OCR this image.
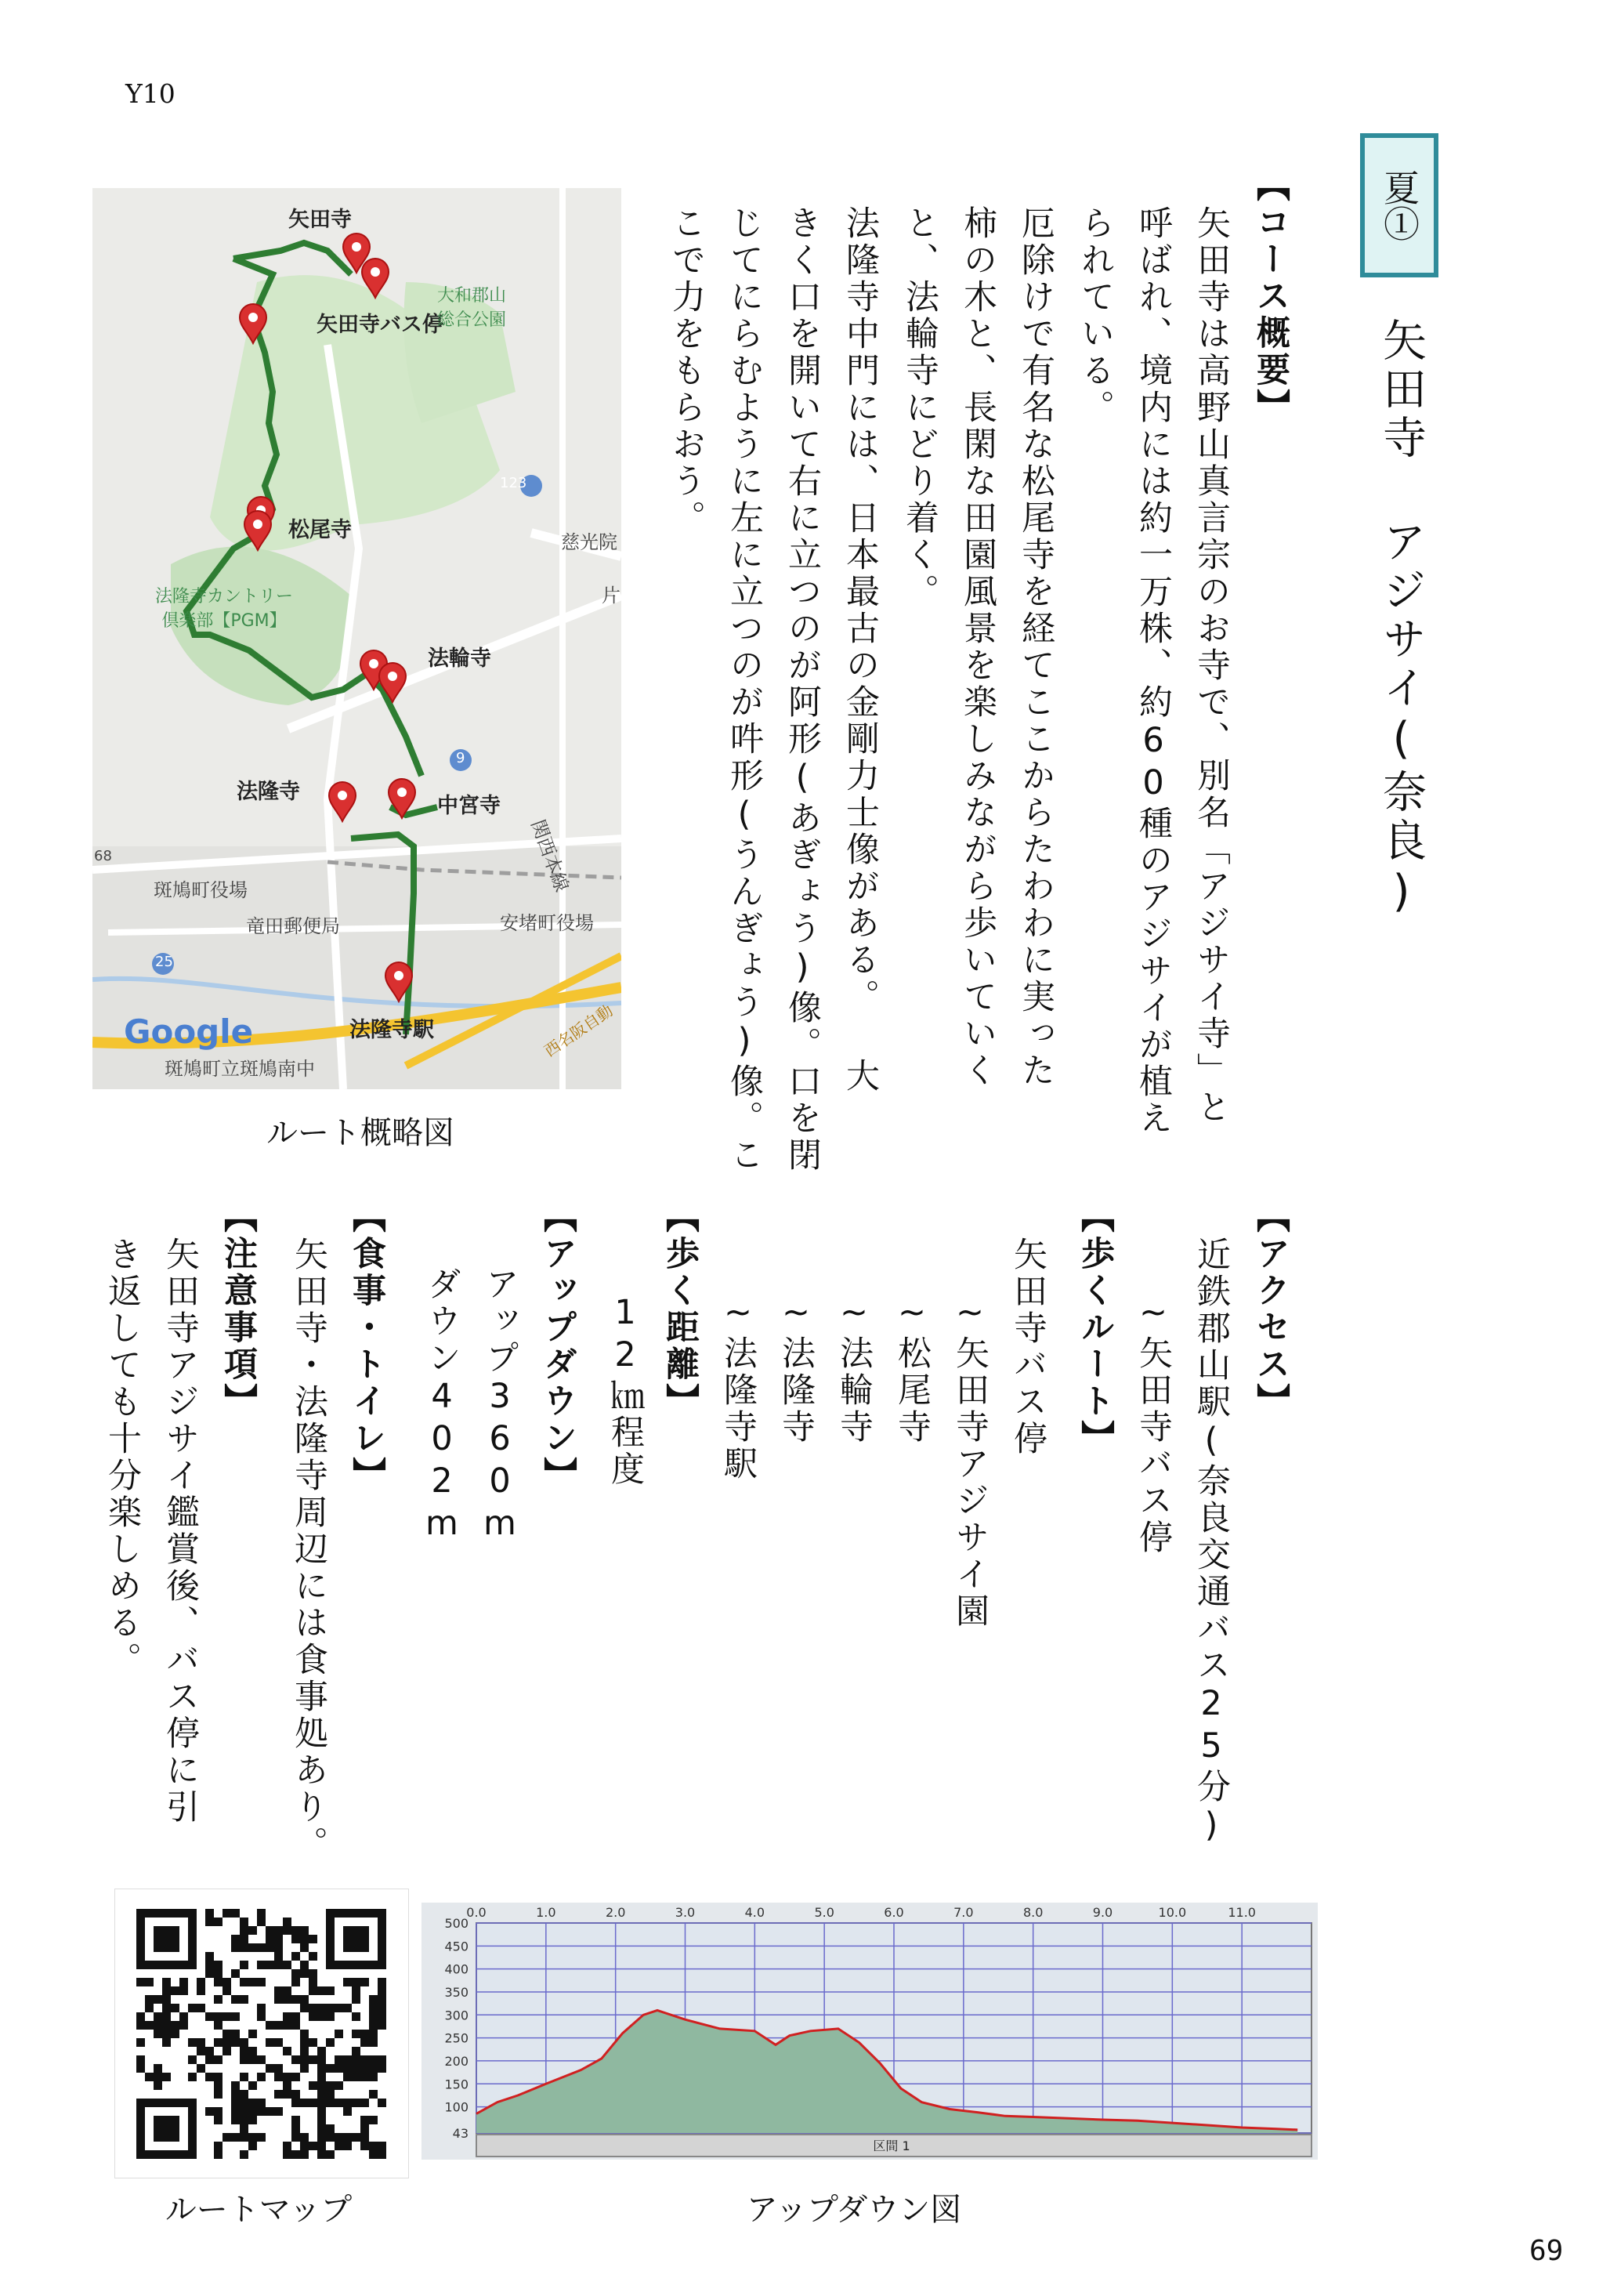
Y10
69
夏①
矢田寺 アジサイ(奈良)
【コース概要】
矢田寺は高野山真言宗のお寺で、別名「アジサイ寺」と
呼ばれ、境内には約一万株、約60種のアジサイが植え
られている。
厄除けで有名な松尾寺を経てここからたわわに実った
柿の木と、長閑な田園風景を楽しみながら歩いていく
と、法輪寺にどり着く。
法隆寺中門には、日本最古の金剛力士像がある。 大
きく口を開いて右に立つのが阿形(あぎょう)像。口を閉
じてにらむように左に立つのが吽形(うんぎょう)像。こ
こで力をもらおう。
【アクセス】
近鉄郡山駅(奈良交通バス25分)
~矢田寺バス停
【歩くルート】
矢田寺バス停
~矢田寺アジサイ園
~松尾寺
~法輪寺
~法隆寺
~法隆寺駅
【歩く距離】
12㎞程度
【アップダウン】
アップ360m
ダウン402m
【食事・トイレ】
矢田寺・法隆寺周辺には食事処あり。
【注意事項】
矢田寺アジサイ鑑賞後、バス停に引
き返しても十分楽しめる。
123
9
25
68
矢田寺
矢田寺バス停
松尾寺
法輪寺
法隆寺
中宮寺
法隆寺駅
大和郡山
総合公園
法隆寺カントリー
倶楽部【PGM】
慈光院
片
斑鳩町役場
竜田郵便局	安堵町役場
関西本線
西名阪自動
斑鳩町立斑鳩南中
Google
ルート概略図
ルートマップ
0.0	1.0	2.0	3.0	4.0	5.0	6.0	7.0	8.0	9.0	10.0	11.0
500
450
400
350
300
250
200
150
100
43
区間 1
アップダウン図
